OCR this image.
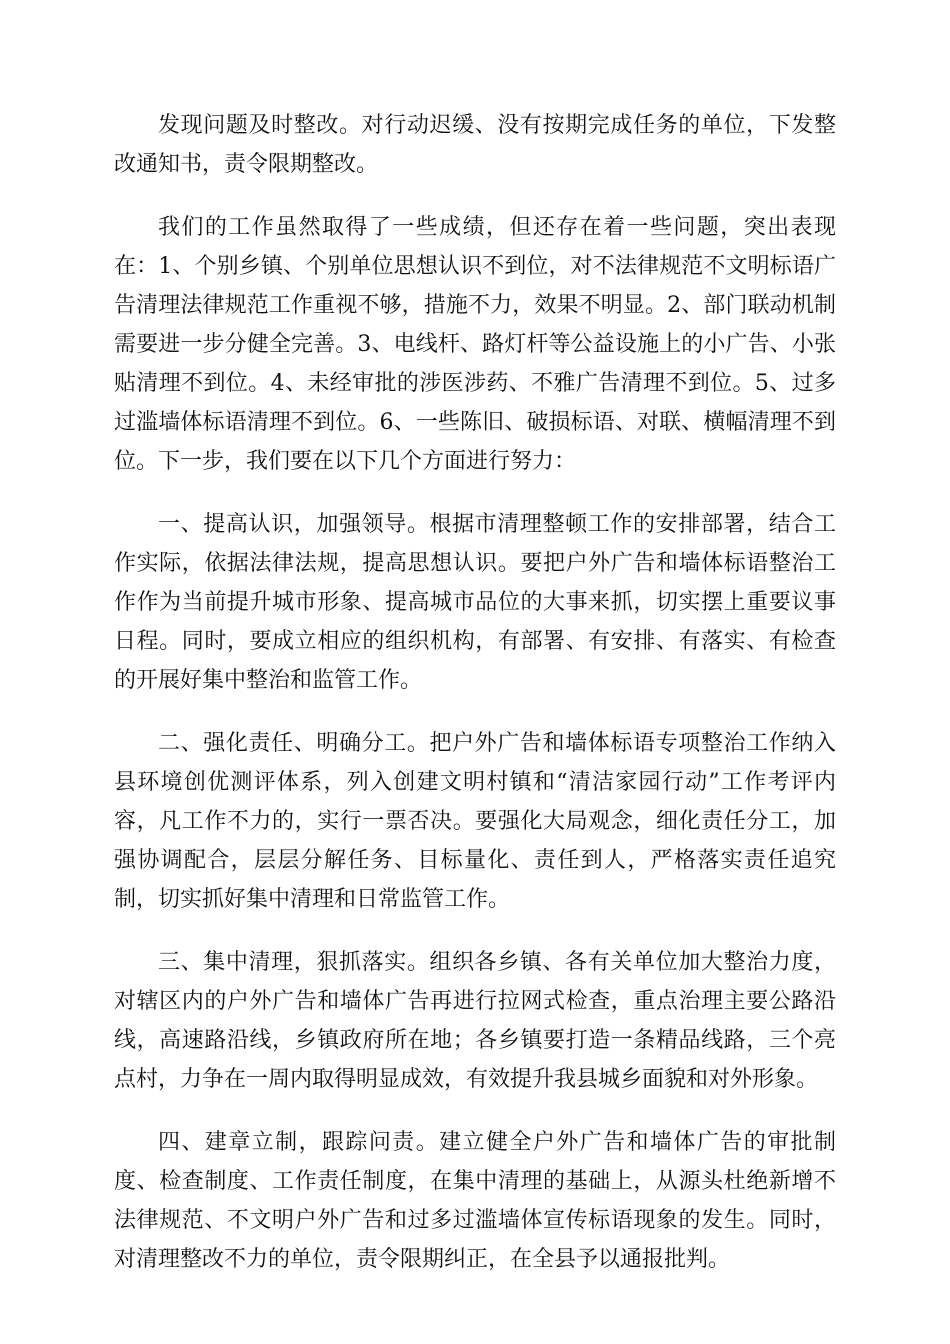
发现问题及时整改。对行动迟缓、没有按期完成任务的单位，下发整改通知书，责令限期整改。

我们的工作虽然取得了一些成绩，但还存在着一些问题，突出表现在：1、个别乡镇、个别单位思想认识不到位，对不法律规范不文明标语广告清理法律规范工作重视不够，措施不力，效果不明显。2、部门联动机制需要进一步分健全完善。3、电线杆、路灯杆等公益设施上的小广告、小张贴清理不到位。4、未经审批的涉医涉药、不雅广告清理不到位。5、过多过滥墙体标语清理不到位。6、一些陈旧、破损标语、对联、横幅清理不到位。下一步，我们要在以下几个方面进行努力：

一、提高认识，加强领导。根据市清理整顿工作的安排部署，结合工作实际，依据法律法规，提高思想认识。要把户外广告和墙体标语整治工作作为当前提升城市形象、提高城市品位的大事来抓，切实摆上重要议事日程。同时，要成立相应的组织机构，有部署、有安排、有落实、有检查的开展好集中整治和监管工作。

二、强化责任、明确分工。把户外广告和墙体标语专项整治工作纳入县环境创优测评体系，列入创建文明村镇和“清洁家园行动”工作考评内容，凡工作不力的，实行一票否决。要强化大局观念，细化责任分工，加强协调配合，层层分解任务、目标量化、责任到人，严格落实责任追究制，切实抓好集中清理和日常监管工作。

三、集中清理，狠抓落实。组织各乡镇、各有关单位加大整治力度，对辖区内的户外广告和墙体广告再进行拉网式检查，重点治理主要公路沿线，高速路沿线，乡镇政府所在地；各乡镇要打造一条精品线路，三个亮点村，力争在一周内取得明显成效，有效提升我县城乡面貌和对外形象。

四、建章立制，跟踪问责。建立健全户外广告和墙体广告的审批制度、检查制度、工作责任制度，在集中清理的基础上，从源头杜绝新增不法律规范、不文明户外广告和过多过滥墙体宣传标语现象的发生。同时，对清理整改不力的单位，责令限期纠正，在全县予以通报批判。
